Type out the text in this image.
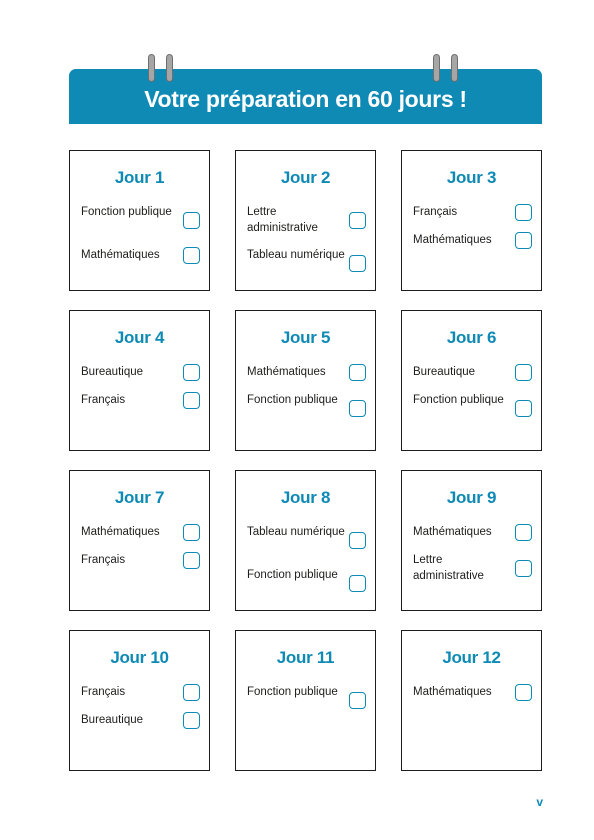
Votre préparation en 60 jours !
Jour 1
Fonction publique
Mathématiques
Jour 2
Lettre administrative
Tableau numérique
Jour 3
Français
Mathématiques
Jour 4
Bureautique
Français
Jour 5
Mathématiques
Fonction publique
Jour 6
Bureautique
Fonction publique
Jour 7
Mathématiques
Français
Jour 8
Tableau numérique
Fonction publique
Jour 9
Mathématiques
Lettre administrative
Jour 10
Français
Bureautique
Jour 11
Fonction publique
Jour 12
Mathématiques
v
